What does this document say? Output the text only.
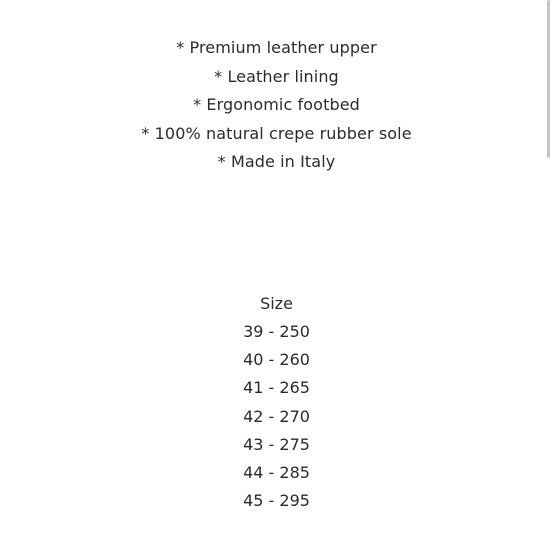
* Premium leather upper
* Leather lining
* Ergonomic footbed
* 100% natural crepe rubber sole
* Made in Italy
Size
39 - 250
40 - 260
41 - 265
42 - 270
43 - 275
44 - 285
45 - 295
